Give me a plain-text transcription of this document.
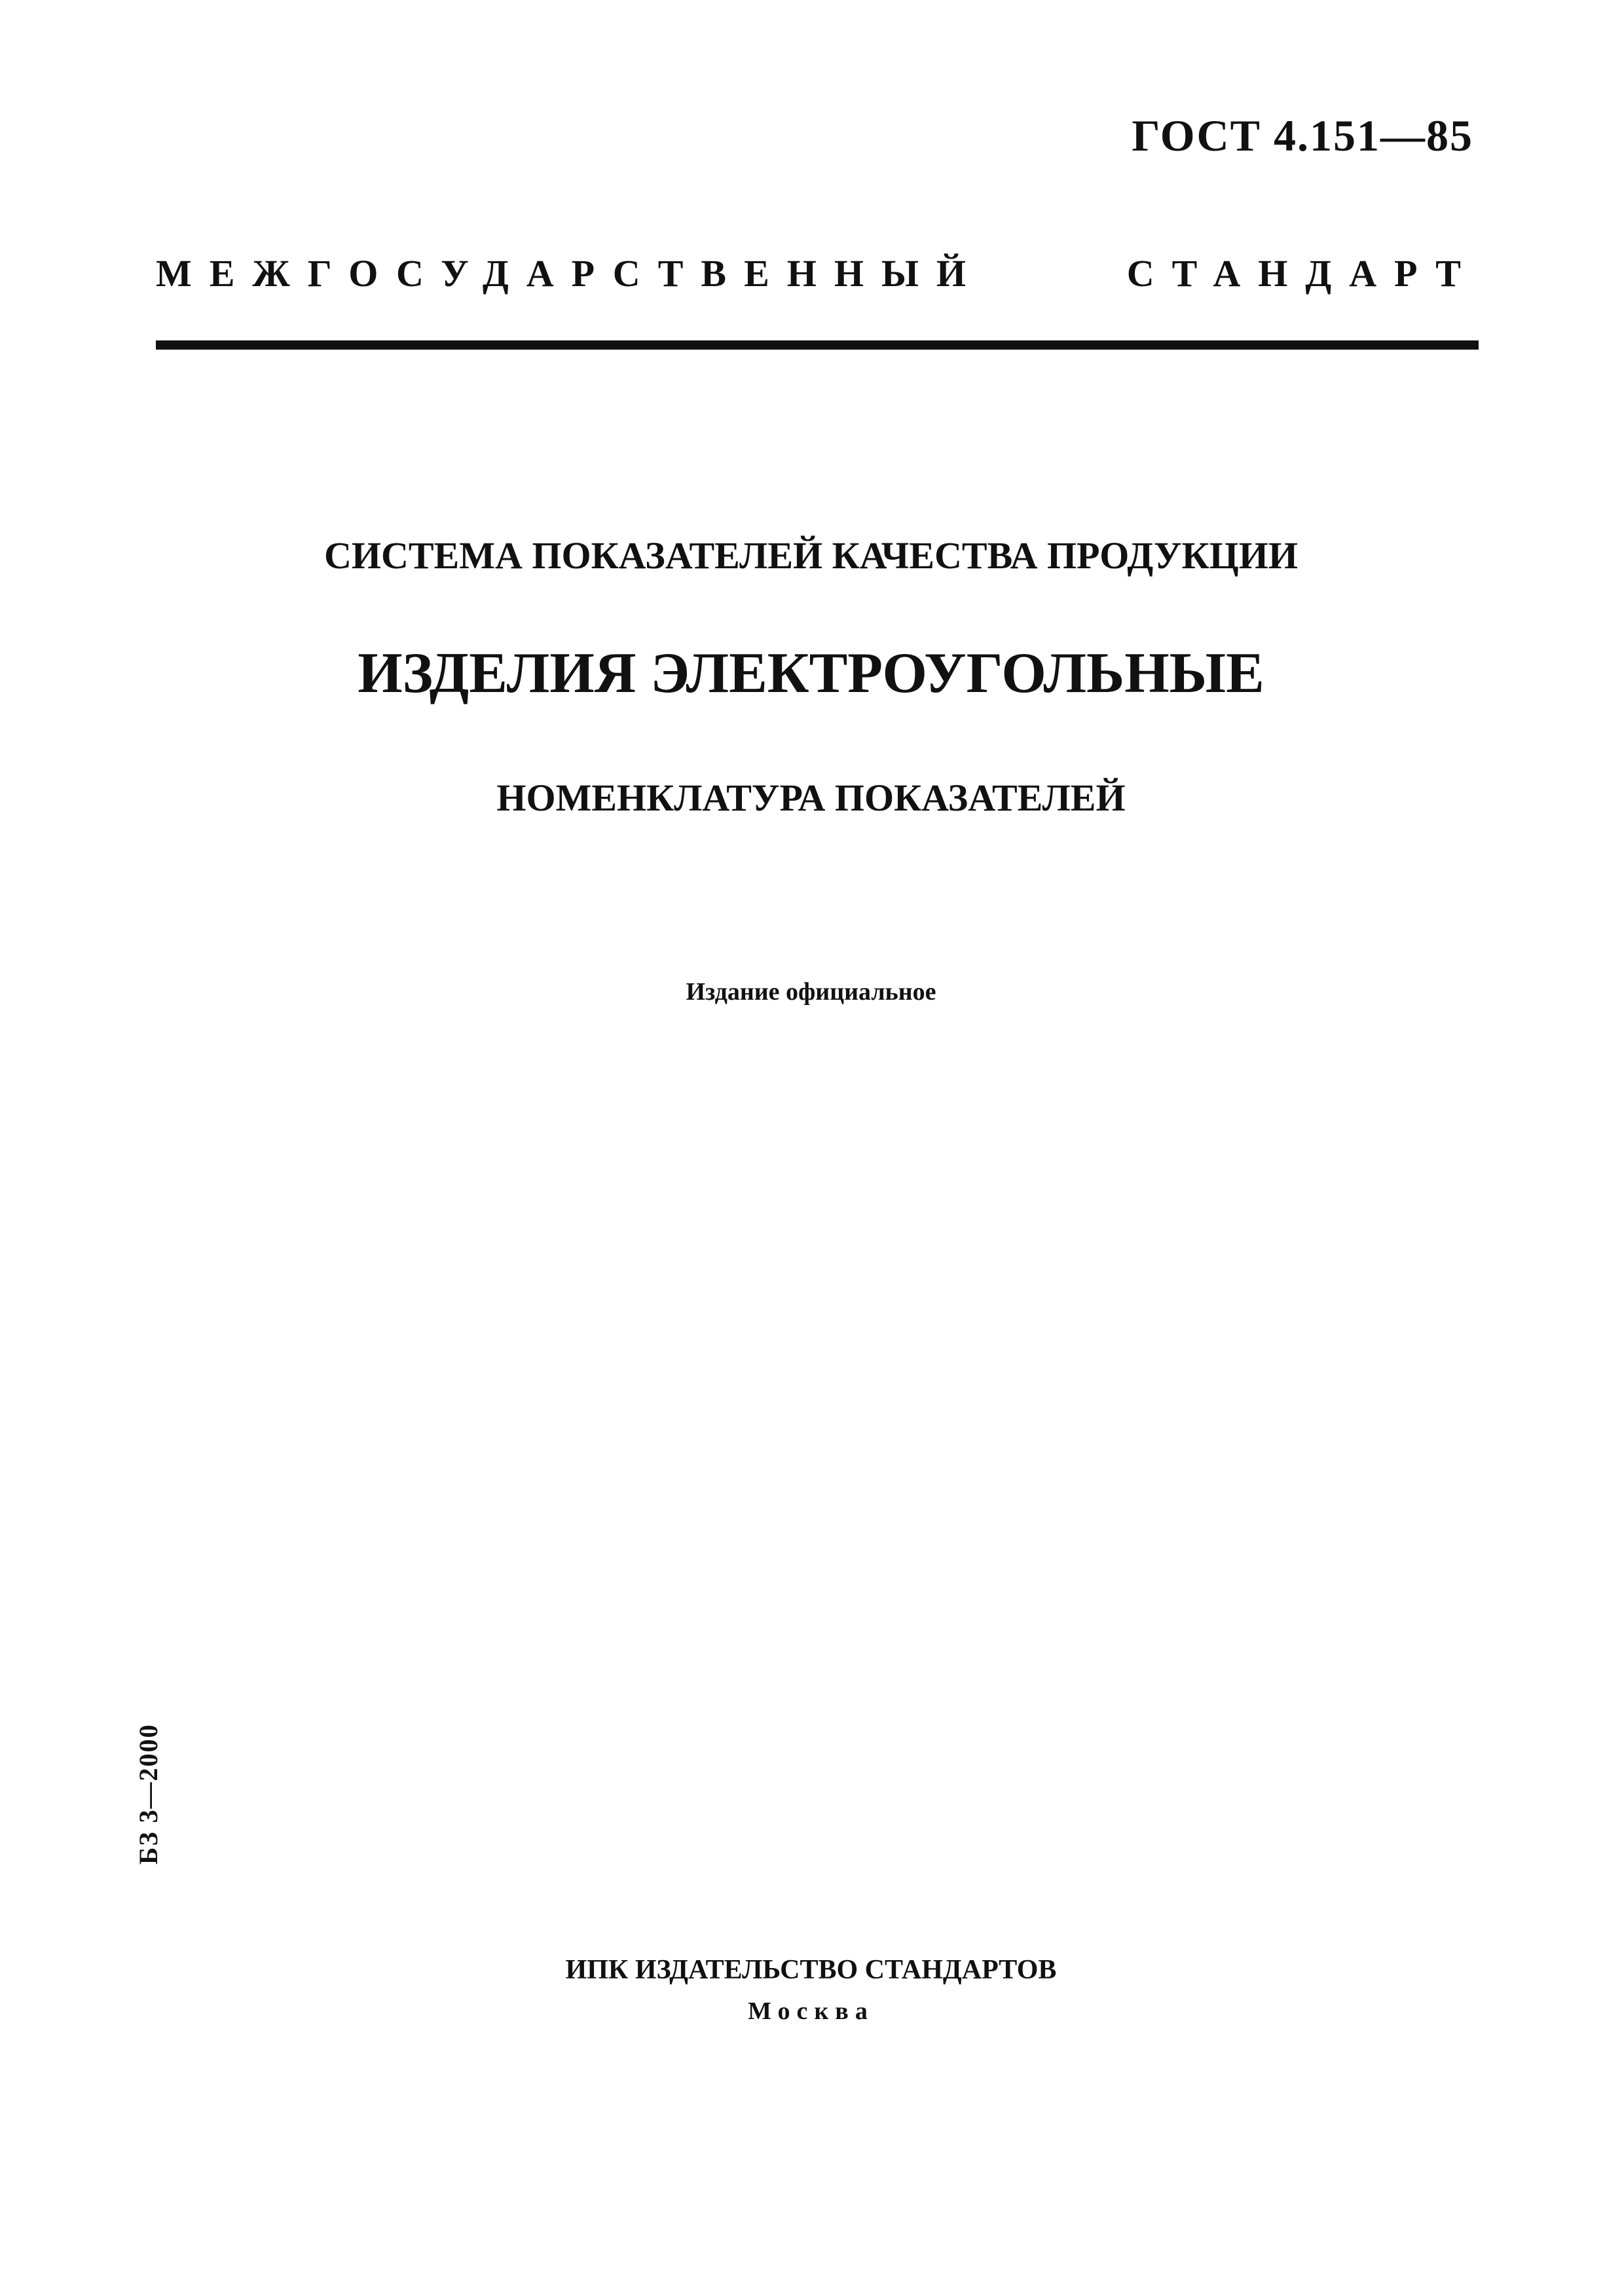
ГОСТ 4.151—85
МЕЖГОСУДАРСТВЕННЫЙ СТАНДАРТ
СИСТЕМА ПОКАЗАТЕЛЕЙ КАЧЕСТВА ПРОДУКЦИИ
ИЗДЕЛИЯ ЭЛЕКТРОУГОЛЬНЫЕ
НОМЕНКЛАТУРА ПОКАЗАТЕЛЕЙ
Издание официальное
БЗ 3—2000
ИПК ИЗДАТЕЛЬСТВО СТАНДАРТОВ
Москва
